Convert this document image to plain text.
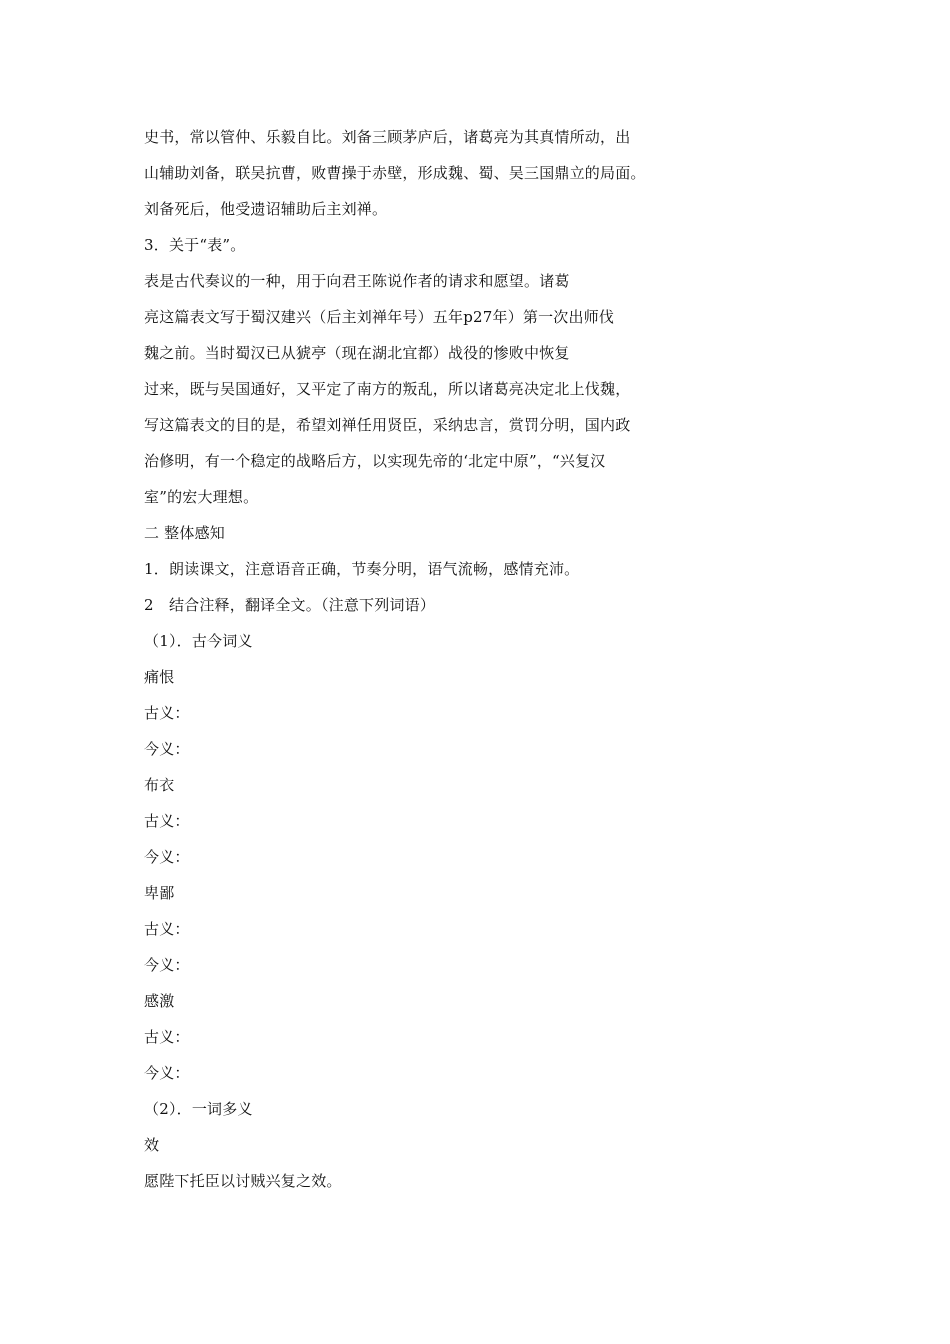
史书，常以管仲、乐毅自比。刘备三顾茅庐后，诸葛亮为其真情所动，出
山辅助刘备，联吴抗曹，败曹操于赤壁，形成魏、蜀、吴三国鼎立的局面。
刘备死后，他受遗诏辅助后主刘禅。
3．关于“表”。
表是古代奏议的一种，用于向君王陈说作者的请求和愿望。诸葛
亮这篇表文写于蜀汉建兴（后主刘禅年号）五年p27年）第一次出师伐
魏之前。当时蜀汉已从猇亭（现在湖北宜都）战役的惨败中恢复
过来，既与吴国通好，又平定了南方的叛乱，所以诸葛亮决定北上伐魏，
写这篇表文的目的是，希望刘禅任用贤臣，采纳忠言，赏罚分明，国内政
治修明，有一个稳定的战略后方，以实现先帝的‘北定中原”，“兴复汉
室”的宏大理想。
二 整体感知
1．朗读课文，注意语音正确，节奏分明，语气流畅，感情充沛。
2　结合注释，翻译全文。（注意下列词语）
（1）．古今词义
痛恨
古义：
今义：
布衣
古义：
今义：
卑鄙
古义：
今义：
感激
古义：
今义：
（2）．一词多义
效
愿陛下托臣以讨贼兴复之效。
